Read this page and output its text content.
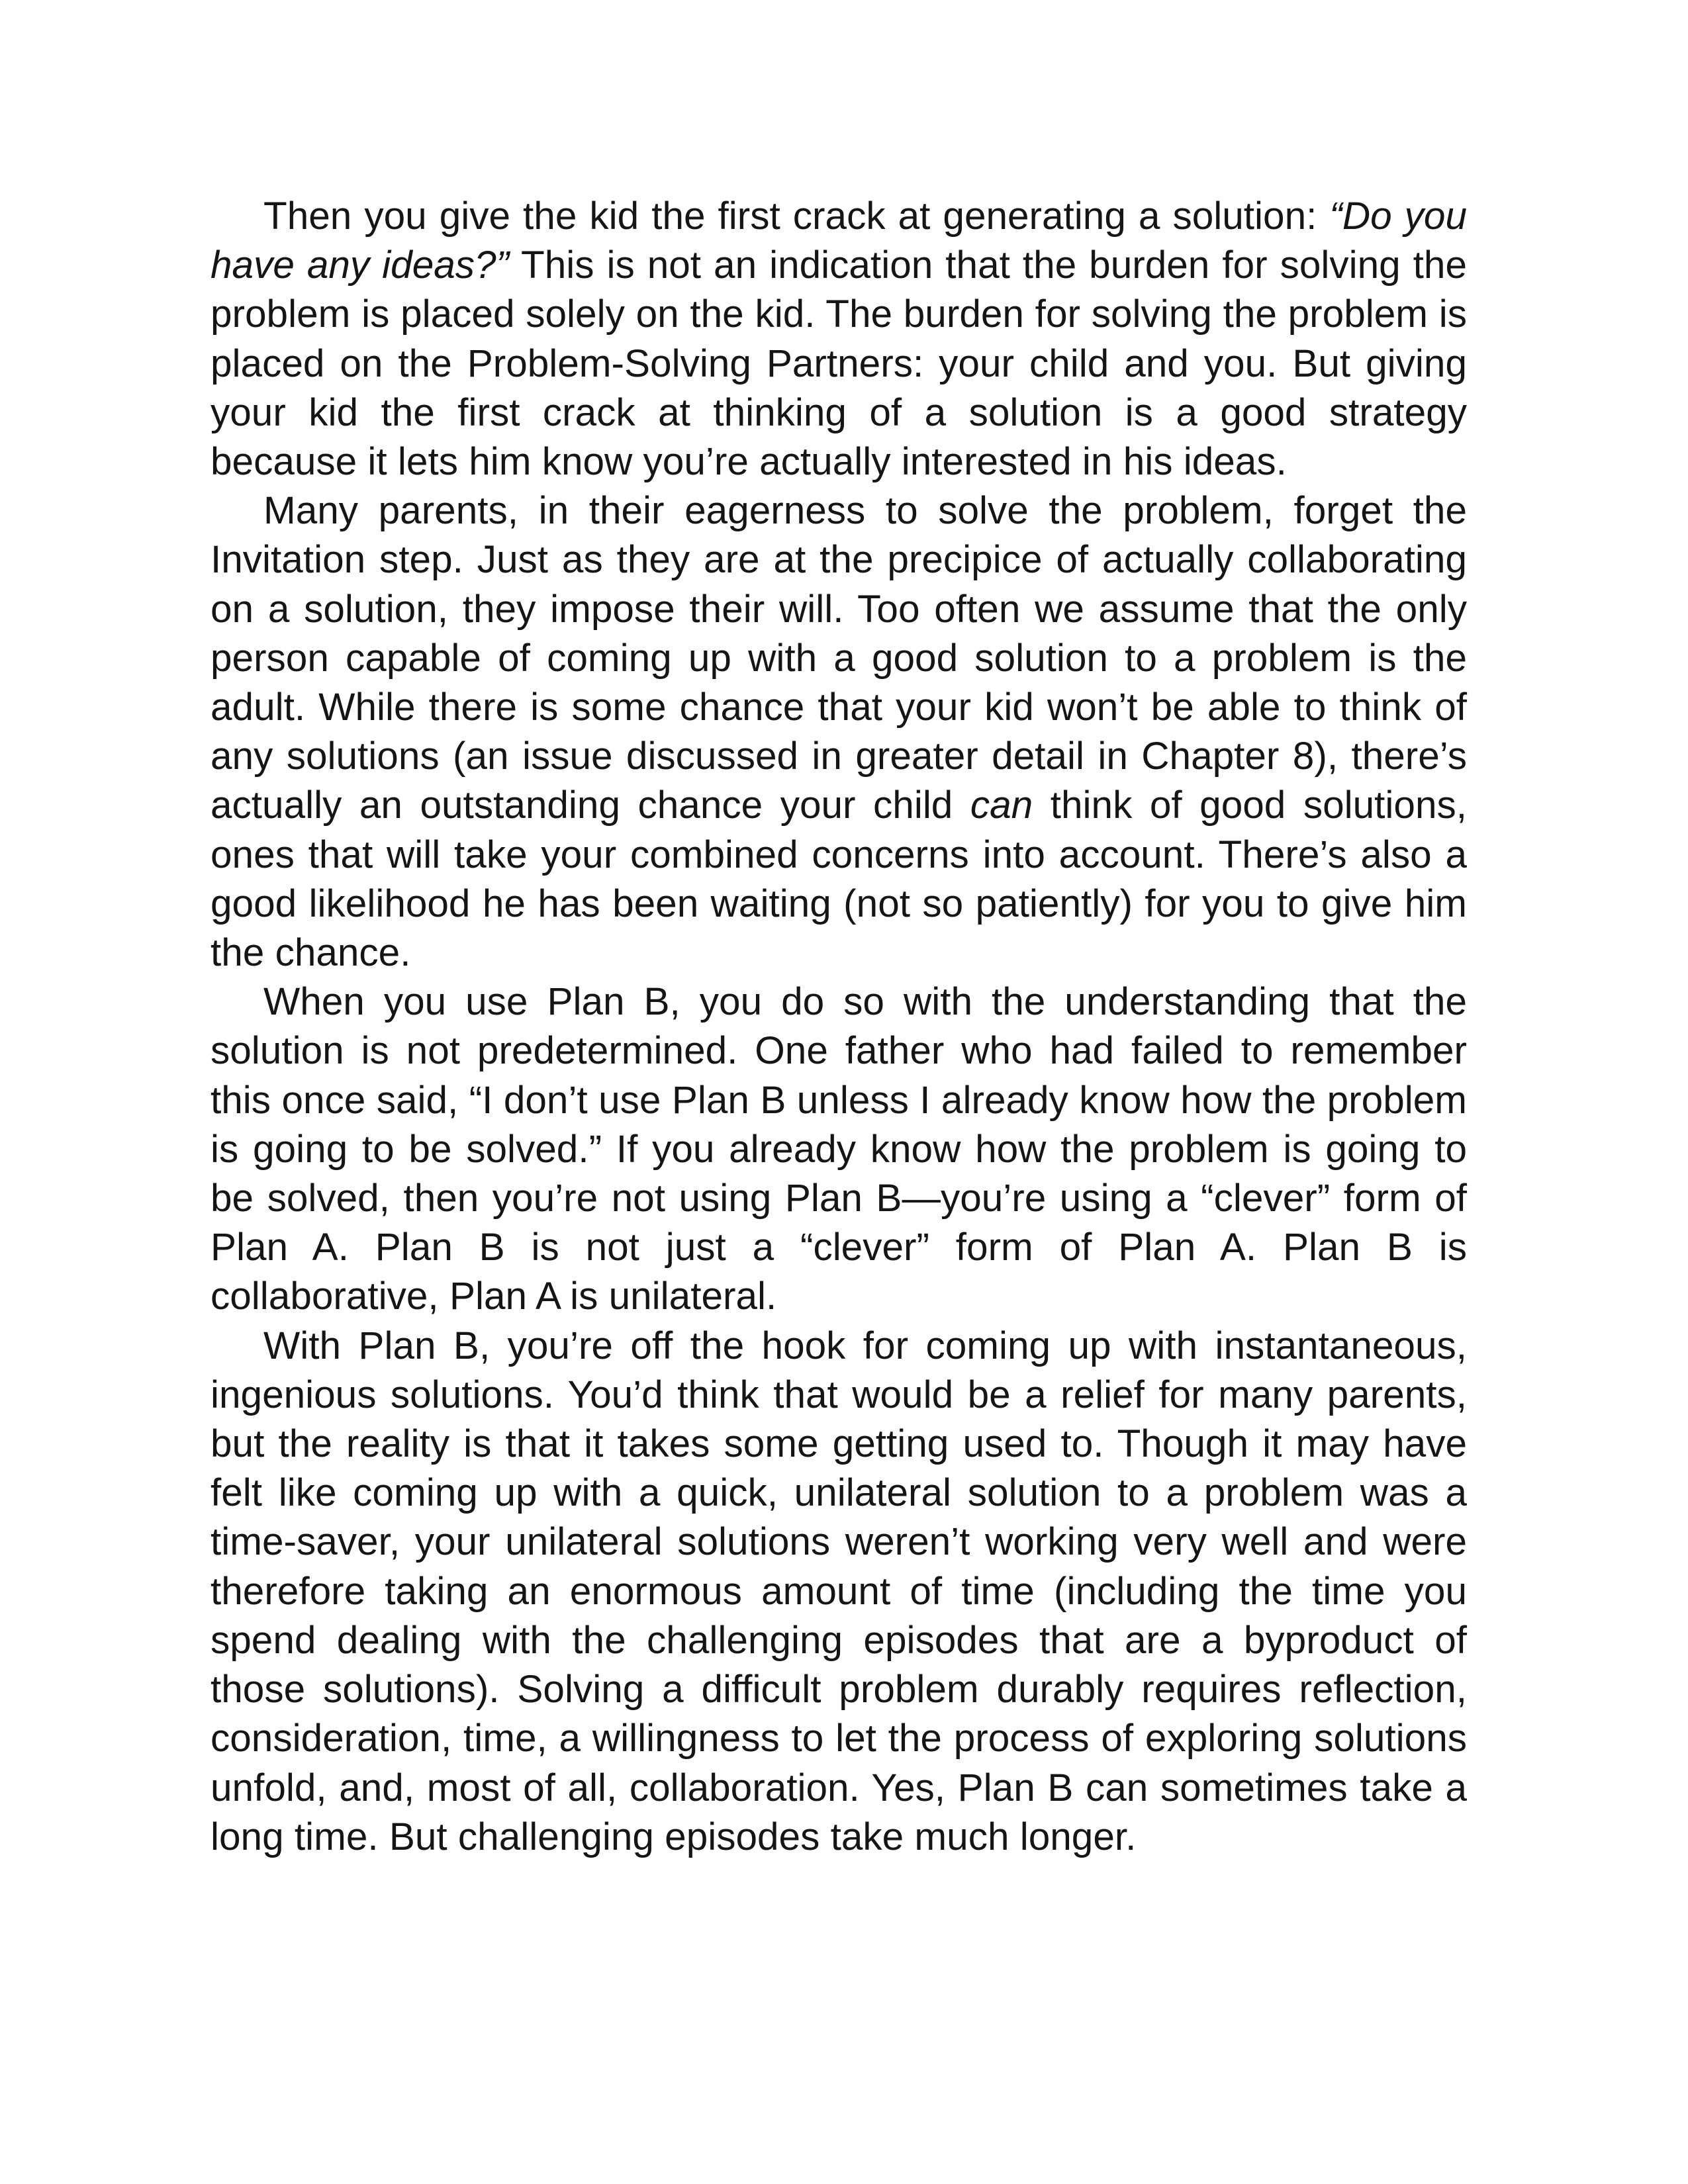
Then you give the kid the first crack at generating a solution: “Do you have any ideas?” This is not an indication that the burden for solving the problem is placed solely on the kid. The burden for solving the problem is placed on the Problem-Solving Partners: your child and you. But giving your kid the first crack at thinking of a solution is a good strategy because it lets him know you’re actually interested in his ideas.

Many parents, in their eagerness to solve the problem, forget the Invitation step. Just as they are at the precipice of actually collaborating on a solution, they impose their will. Too often we assume that the only person capable of coming up with a good solution to a problem is the adult. While there is some chance that your kid won’t be able to think of any solutions (an issue discussed in greater detail in Chapter 8), there’s actually an outstanding chance your child can think of good solutions, ones that will take your combined concerns into account. There’s also a good likelihood he has been waiting (not so patiently) for you to give him the chance.

When you use Plan B, you do so with the understanding that the solution is not predetermined. One father who had failed to remember this once said, “I don’t use Plan B unless I already know how the problem is going to be solved.” If you already know how the problem is going to be solved, then you’re not using Plan B—you’re using a “clever” form of Plan A. Plan B is not just a “clever” form of Plan A. Plan B is collaborative, Plan A is unilateral.

With Plan B, you’re off the hook for coming up with instantaneous, ingenious solutions. You’d think that would be a relief for many parents, but the reality is that it takes some getting used to. Though it may have felt like coming up with a quick, unilateral solution to a problem was a time-saver, your unilateral solutions weren’t working very well and were therefore taking an enormous amount of time (including the time you spend dealing with the challenging episodes that are a byproduct of those solutions). Solving a difficult problem durably requires reflection, consideration, time, a willingness to let the process of exploring solutions unfold, and, most of all, collaboration. Yes, Plan B can sometimes take a long time. But challenging episodes take much longer.
